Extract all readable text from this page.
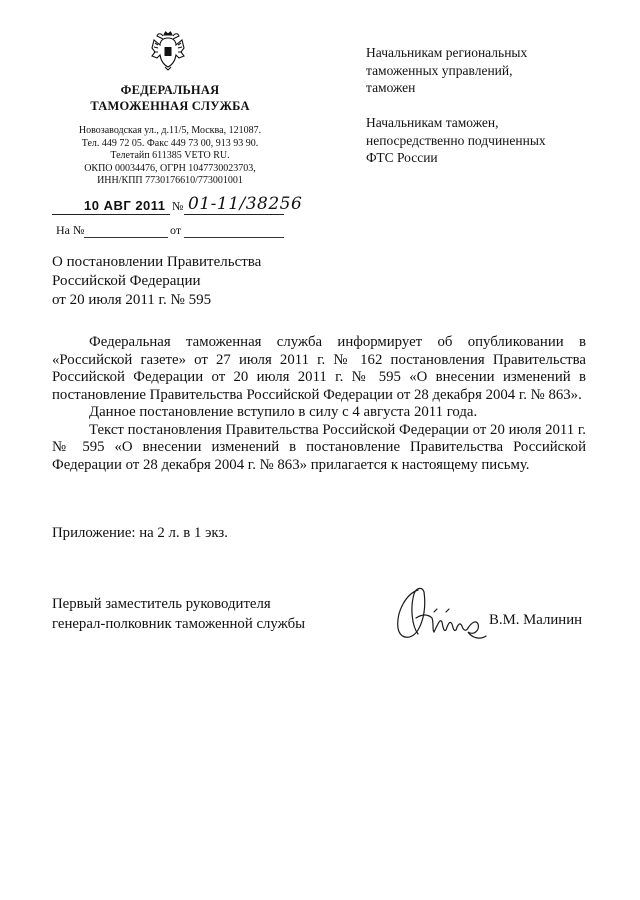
ФЕДЕРАЛЬНАЯ
ТАМОЖЕННАЯ СЛУЖБА
Новозаводская ул., д.11/5, Москва, 121087.
Тел. 449 72 05. Факс 449 73 00, 913 93 90.
Телетайп 611385 VETO RU.
ОКПО 00034476, ОГРН 1047730023703,
ИНН/КПП 7730176610/773001001
10 АВГ 2011 № 01-11/38256
На №	от
Начальникам региональных
таможенных управлений,
таможен
Начальникам таможен,
непосредственно подчиненных
ФТС России
О постановлении Правительства
Российской Федерации
от 20 июля 2011 г. № 595

Федеральная таможенная служба информирует об опубликовании в «Российской газете» от 27 июля 2011 г. № 162 постановления Правительства Российской Федерации от 20 июля 2011 г. № 595 «О внесении изменений в постановление Правительства Российской Федерации от 28 декабря 2004 г. № 863».

Данное постановление вступило в силу с 4 августа 2011 года.

Текст постановления Правительства Российской Федерации от 20 июля 2011 г. № 595 «О внесении изменений в постановление Правительства Российской Федерации от 28 декабря 2004 г. № 863» прилагается к настоящему письму.

Приложение: на 2 л. в 1 экз.
Первый заместитель руководителя
генерал-полковник таможенной службы	В.М. Малинин
